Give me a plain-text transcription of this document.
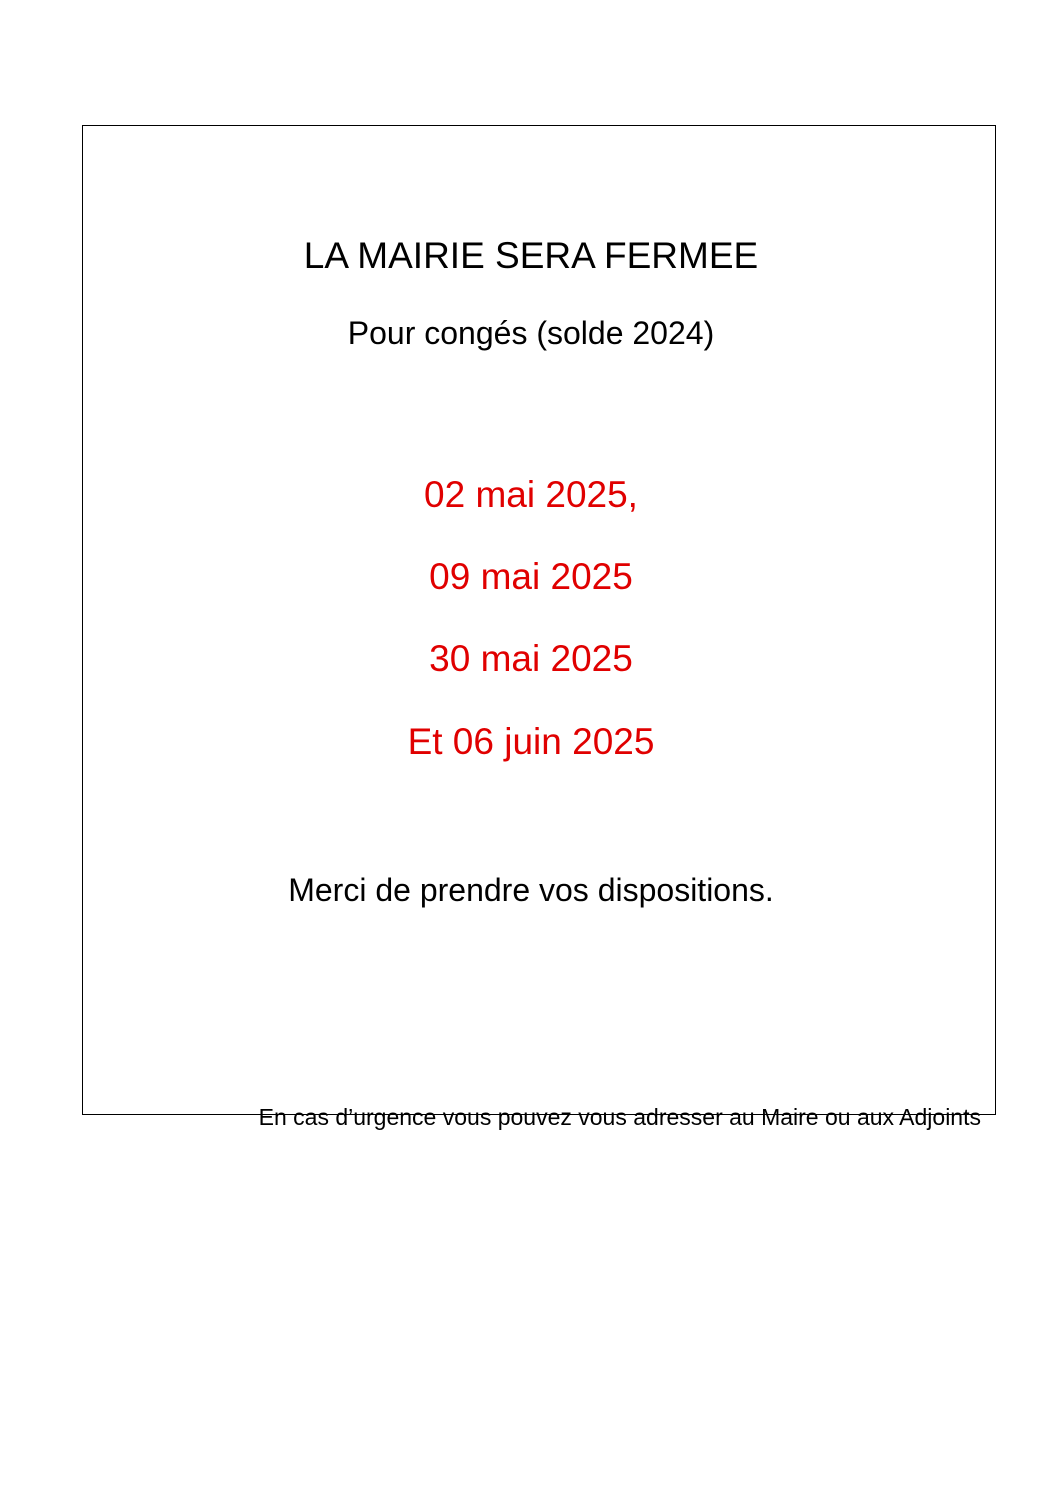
LA MAIRIE SERA FERMEE

Pour congés (solde 2024)

02 mai 2025,

09 mai 2025

30 mai 2025

Et 06 juin 2025

Merci de prendre vos dispositions.

En cas d’urgence vous pouvez vous adresser au Maire ou aux Adjoints
